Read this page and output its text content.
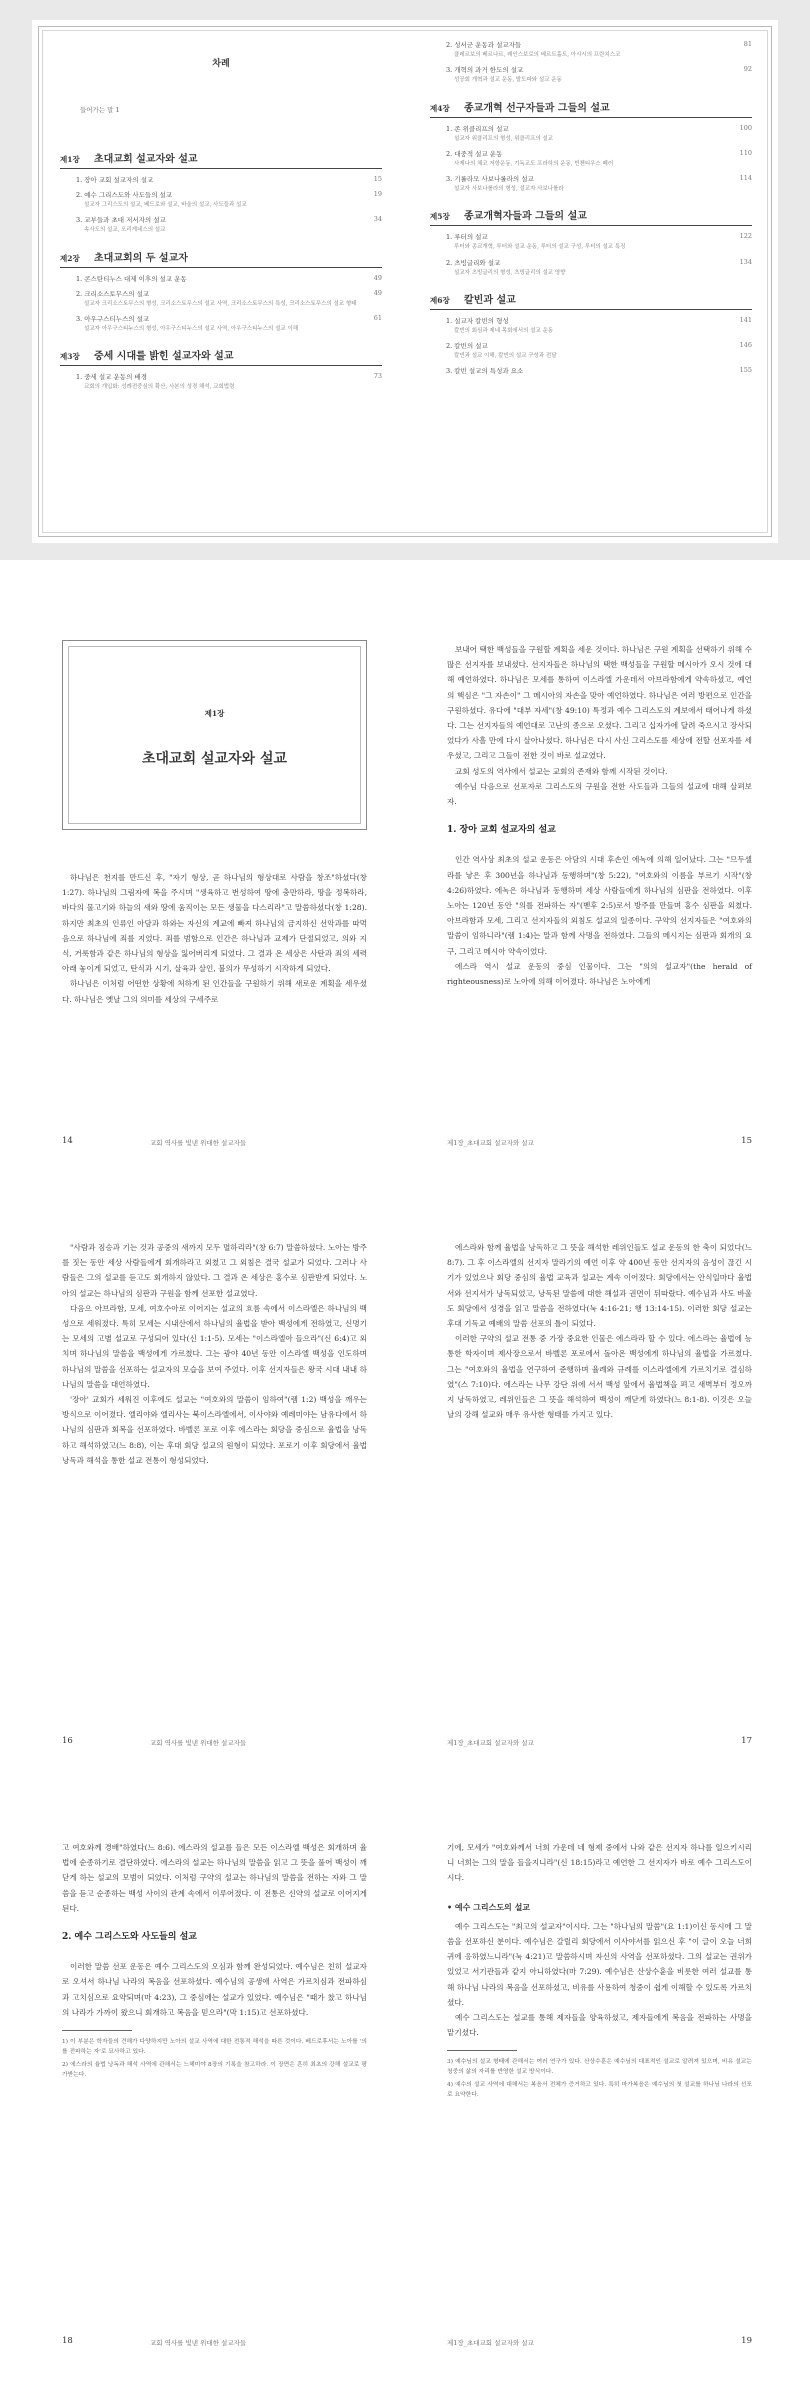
차례
들어가는 말 1
제1장	초대교회 설교자와 설교
1. 장아 교회 설교자의 설교	15
2. 예수 그리스도와 사도들의 설교	19
설교자 그리스도의 설교, 베드로와 설교, 바울의 설교, 사도들과 설교
3. 교부들과 초대 저서자의 설교	34
속사도의 설교, 오리게네스의 설교
제2장	초대교회의 두 설교자
1. 콘스탄티누스 대제 이후의 설교 운동	49
2. 크리소스토무스의 설교	49
설교자 크리소스토무스의 형성, 크리소스토무스의 설교 사역, 크리소스토무스의 특성, 크리소스토무스의 설교 형태
3. 아우구스티누스의 설교	61
설교자 아우구스티누스의 형성, 아우구스티누스의 설교 사역, 아우구스티누스의 설교 이해
제3장	중세 시대를 밝힌 설교자와 설교
1. 중세 설교 운동의 배경	73
교회의 개입화: 성례전중심의 확산, 사본의 성경 해석, 교회법령
2. 성서군 운동과 설교자들	81
클레르보의 베르나르, 레인스보로의 베르트홀트, 아시시의 프란치스코
3. 개혁의 과거 한도의 설교	92
성공회 개혁과 설교 운동, 발도파와 설교 운동
제4장	종교개혁 선구자들과 그들의 설교
1. 존 위클리프의 설교	100
설교자 위클리프의 형성, 위클리프의 설교
2. 대중적 설교 운동	110
사제나의 체코 저항운동, 기독교도 프라하의 운동, 빈첸티우스 페러
3. 기롤라모 사보나롤라의 설교	114
설교자 사보나롤라의 형성, 설교자 사보나롤라
제5장	종교개혁자들과 그들의 설교
1. 루터의 설교	122
루터와 종교개혁, 루터와 설교 운동, 루터의 설교 구성, 루터의 설교 특징
2. 츠빙글리와 설교	134
설교자 츠빙글리의 형성, 츠빙글리의 설교 영향
제6장	칼빈과 설교
1. 설교자 칼빈의 형성	141
칼빈의 회심과 제네 목회에서의 설교 운동
2. 칼빈의 설교	146
칼빈과 설교 이해, 칼빈의 설교 구성과 전달
3. 칼빈 설교의 특성과 요소	155
제1장
초대교회 설교자와 설교

하나님은 천지를 만드신 후, "자기 형상, 곧 하나님의 형상대로 사람을 창조"하셨다(창 1:27). 하나님의 그림자에 복을 주시며 "생육하고 번성하여 땅에 충만하라, 땅을 정복하라, 바다의 물고기와 하늘의 새와 땅에 움직이는 모든 생물을 다스리라"고 말씀하셨다(창 1:28). 하지만 최초의 인류인 아담과 하와는 자신의 계교에 빠져 하나님의 금지하신 선악과를 따먹음으로 하나님에 죄를 지었다. 죄를 범함으로 인간은 하나님과 교제가 단절되었고, 의와 지식, 거룩함과 같은 하나님의 형상을 잃어버리게 되었다. 그 결과 온 세상은 사탄과 죄의 세력 아래 놓이게 되었고, 탄식과 시기, 살육과 살인, 불의가 무성하기 시작하게 되었다.

하나님은 이처럼 어떤한 상황에 처하게 된 인간들을 구원하기 위해 새로운 계획을 세우셨다. 하나님은 옛날 그의 의미를 세상의 구세주로

14	교회 역사를 빛낸 위대한 설교자들

보내어 택한 백성들을 구원할 계획을 세운 것이다. 하나님은 구원 계획을 선택하기 위해 수많은 선지자를 보내셨다. 선지자들은 하나님의 택한 백성들을 구원할 메시아가 오시 것에 대해 예언하였다. 하나님은 모세를 통하여 이스라엘 가운데서 아브라함에게 약속하셨고, 예언의 핵심은 "그 자손이" 그 메시아의 자손을 맞아 예언하였다. 하나님은 여러 방편으로 인간을 구원하셨다. 유다에 "대부 자세"(창 49:10) 특정과 예수 그리스도의 계보에서 태어나게 하셨다. 그는 선지자들의 예언대로 고난의 종으로 오셨다. 그리고 십자가에 달려 죽으시고 장사되었다가 사흘 만에 다시 살아나셨다. 하나님은 다시 사신 그리스도를 세상에 전할 선포자를 세우셨고, 그리고 그들이 전한 것이 바로 설교였다.

교회 성도의 역사에서 설교는 교회의 존재와 함께 시작된 것이다.

예수님 다음으로 선포자로 그리스도의 구원을 전한 사도들과 그들의 설교에 대해 살펴보자.

1. 장아 교회 설교자의 설교

인간 역사상 최초의 설교 운동은 아담의 시대 후손인 에녹에 의해 일어났다. 그는 "므두셀라를 낳은 후 300년을 하나님과 동행하며"(창 5:22), "여호와의 이름을 부르기 시작"(창 4:26)하였다. 에녹은 하나님과 동행하며 세상 사람들에게 하나님의 심판을 전하였다. 이후 노아는 120년 동안 "의를 전파하는 자"(벧후 2:5)로서 방주를 만들며 홍수 심판을 외쳤다. 아브라함과 모세, 그리고 선지자들의 외침도 설교의 일종이다. 구약의 선지자들은 "여호와의 말씀이 임하니라"(렘 1:4)는 말과 함께 사명을 전하였다. 그들의 메시지는 심판과 회개의 요구, 그리고 메시아 약속이었다.

에스라 역시 설교 운동의 중심 인물이다. 그는 "의의 설교자"(the herald of righteousness)로 노아에 의해 이어졌다. 하나님은 노아에게

제1장_초대교회 설교자와 설교	15

"사람과 짐승과 기는 것과 공중의 새까지 모두 멸하리라"(창 6:7) 말씀하셨다. 노아는 방주를 짓는 동안 세상 사람들에게 회개하라고 외쳤고 그 외침은 결국 설교가 되었다. 그러나 사람들은 그의 설교를 듣고도 회개하지 않았다. 그 결과 온 세상은 홍수로 심판받게 되었다. 노아의 설교는 하나님의 심판과 구원을 함께 선포한 설교였다.

다음으 아브라함, 모세, 여호수아로 이어지는 설교의 흐름 속에서 이스라엘은 하나님의 백성으로 세워졌다. 특히 모세는 시내산에서 하나님의 율법을 받아 백성에게 전하였고, 신명기는 모세의 고별 설교로 구성되어 있다(신 1:1-5). 모세는 "이스라엘아 들으라"(신 6:4)고 외치며 하나님의 말씀을 백성에게 가르쳤다. 그는 광야 40년 동안 이스라엘 백성을 인도하며 하나님의 말씀을 선포하는 설교자의 모습을 보여 주었다. 이후 선지자들은 왕국 시대 내내 하나님의 말씀을 대언하였다.

'장아' 교회가 세워진 이후에도 설교는 "여호와의 말씀이 임하여"(렘 1:2) 백성을 깨우는 방식으로 이어졌다. 엘리야와 엘리사는 북이스라엘에서, 이사야와 예레미야는 남유다에서 하나님의 심판과 회복을 선포하였다. 바벨론 포로 이후 에스라는 회당을 중심으로 율법을 낭독하고 해석하였고(느 8:8), 이는 후대 회당 설교의 원형이 되었다. 포로기 이후 회당에서 율법 낭독과 해석을 통한 설교 전통이 형성되었다.

16	교회 역사를 빛낸 위대한 설교자들

에스라와 함께 율법을 낭독하고 그 뜻을 해석한 레위인들도 설교 운동의 한 축이 되었다(느 8:7). 그 후 이스라엘의 선지자 말라기의 예언 이후 약 400년 동안 선지자의 음성이 끊긴 시기가 있었으나 회당 중심의 율법 교육과 설교는 계속 이어졌다. 회당에서는 안식일마다 율법서와 선지서가 낭독되었고, 낭독된 말씀에 대한 해설과 권면이 뒤따랐다. 예수님과 사도 바울도 회당에서 성경을 읽고 말씀을 전하였다(눅 4:16-21; 행 13:14-15). 이러한 회당 설교는 후대 기독교 예배의 말씀 선포의 틀이 되었다.

이러한 구약의 설교 전통 중 가장 중요한 인물은 에스라라 할 수 있다. 에스라는 율법에 능통한 학자이며 제사장으로서 바벨론 포로에서 돌아온 백성에게 하나님의 율법을 가르쳤다. 그는 "여호와의 율법을 연구하여 준행하며 율례와 규례를 이스라엘에게 가르치기로 결심하였"(스 7:10)다. 에스라는 나무 강단 위에 서서 백성 앞에서 율법책을 펴고 새벽부터 정오까지 낭독하였고, 레위인들은 그 뜻을 해석하여 백성이 깨닫게 하였다(느 8:1-8). 이것은 오늘날의 강해 설교와 매우 유사한 형태를 가지고 있다.

제1장_초대교회 설교자와 설교	17

고 여호와께 경배"하였다(느 8:6). 에스라의 설교를 들은 모든 이스라엘 백성은 회개하며 율법에 순종하기로 결단하였다. 에스라의 설교는 하나님의 말씀을 읽고 그 뜻을 풀어 백성이 깨닫게 하는 설교의 모범이 되었다. 이처럼 구약의 설교는 하나님의 말씀을 전하는 자와 그 말씀을 듣고 순종하는 백성 사이의 관계 속에서 이루어졌다. 이 전통은 신약의 설교로 이어지게 된다.

2. 예수 그리스도와 사도들의 설교

이러한 말씀 선포 운동은 예수 그리스도의 오심과 함께 완성되었다. 예수님은 친히 설교자로 오셔서 하나님 나라의 복음을 선포하셨다. 예수님의 공생애 사역은 가르치심과 전파하심과 고치심으로 요약되며(마 4:23), 그 중심에는 설교가 있었다. 예수님은 "때가 찼고 하나님의 나라가 가까이 왔으니 회개하고 복음을 믿으라"(막 1:15)고 선포하셨다.

1) 이 부분은 학자들의 견해가 다양하지만 노아의 설교 사역에 대한 전통적 해석을 따른 것이다. 베드로후서는 노아를 '의를 전파하는 자'로 묘사하고 있다.

2) 에스라의 율법 낭독과 해석 사역에 관해서는 느헤미야 8장의 기록을 참고하라. 이 장면은 흔히 최초의 강해 설교로 평가받는다.

18	교회 역사를 빛낸 위대한 설교자들

기에, 모세가 "여호와께서 너희 가운데 네 형제 중에서 나와 같은 선지자 하나를 일으키시리니 너희는 그의 말을 들을지니라"(신 18:15)라고 예언한 그 선지자가 바로 예수 그리스도이시다.

• 예수 그리스도의 설교

예수 그리스도는 "최고의 설교자"이시다. 그는 "하나님의 말씀"(요 1:1)이신 동시에 그 말씀을 선포하신 분이다. 예수님은 갈릴리 회당에서 이사야서를 읽으신 후 "이 글이 오늘 너희 귀에 응하였느니라"(눅 4:21)고 말씀하시며 자신의 사역을 선포하셨다. 그의 설교는 권위가 있었고 서기관들과 같지 아니하였다(마 7:29). 예수님은 산상수훈을 비롯한 여러 설교를 통해 하나님 나라의 복음을 선포하셨고, 비유를 사용하여 청중이 쉽게 이해할 수 있도록 가르치셨다.

예수 그리스도는 설교를 통해 제자들을 양육하셨고, 제자들에게 복음을 전파하는 사명을 맡기셨다.

3) 예수님의 설교 형태에 관해서는 여러 연구가 있다. 산상수훈은 예수님의 대표적인 설교로 알려져 있으며, 비유 설교는 청중의 삶의 자리를 반영한 설교 방식이다.

4) 예수의 설교 사역에 대해서는 복음서 전체가 증거하고 있다. 특히 마가복음은 예수님의 첫 설교를 하나님 나라의 선포로 요약한다.

제1장_초대교회 설교자와 설교	19
